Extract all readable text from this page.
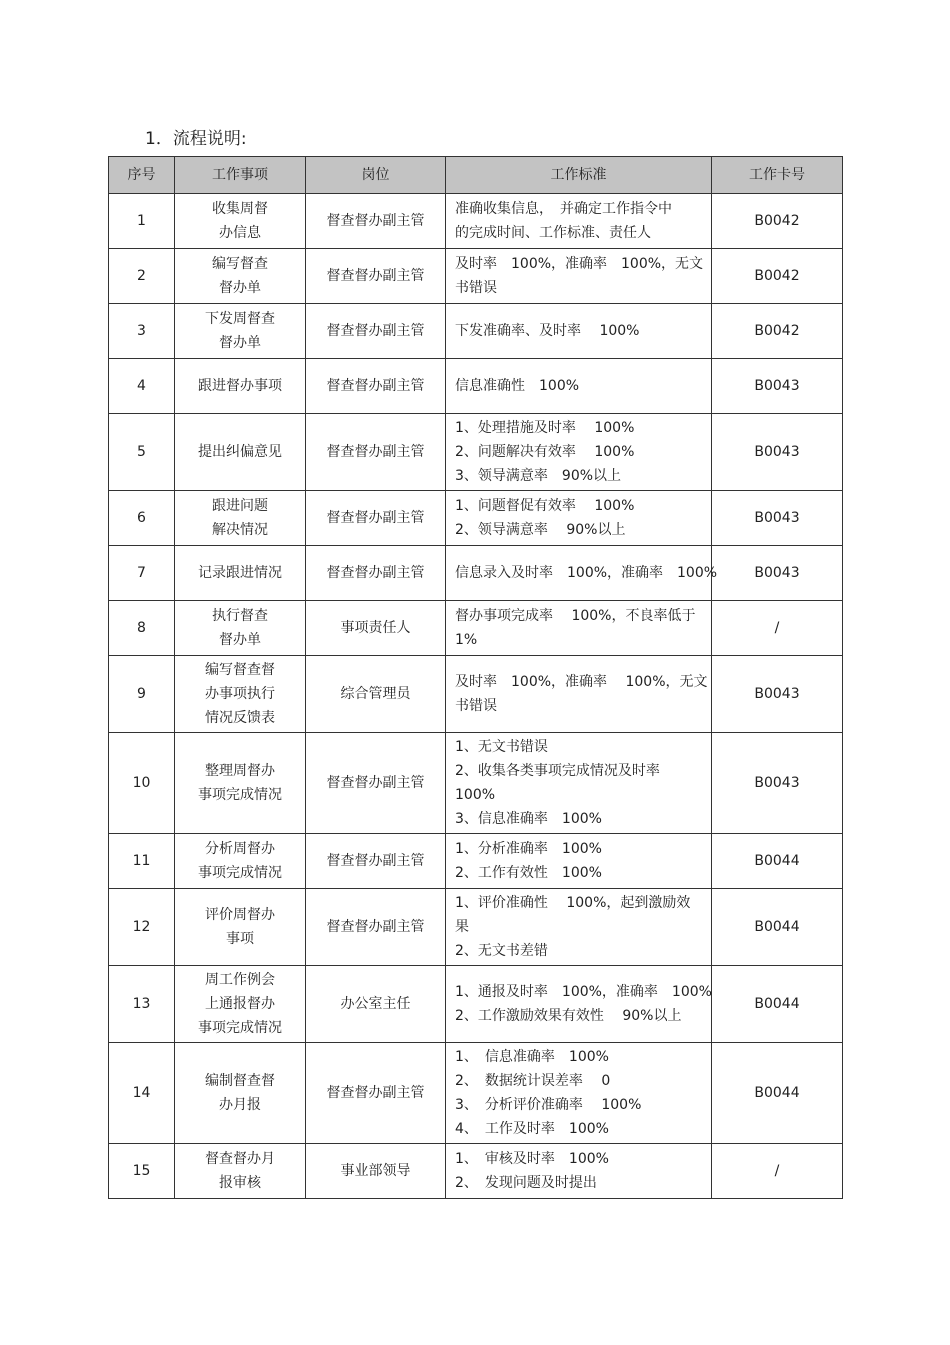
1．流程说明:
序号	工作事项	岗位	工作标准	工作卡号
1	收集周督
办信息	督查督办副主管	准确收集信息，　并确定工作指令中
的完成时间、工作标准、责任人	B0042
2	编写督查
督办单	督查督办副主管	及时率　100%，准确率　100%，无文
书错误	B0042
3	下发周督查
督办单	督查督办副主管	下发准确率、及时率　 100%	B0042
4	跟进督办事项	督查督办副主管	信息准确性　100%	B0043
5	提出纠偏意见	督查督办副主管	1、处理措施及时率　 100%
2、问题解决有效率　 100%
3、领导满意率　90%以上	B0043
6	跟进问题
解决情况	督查督办副主管	1、问题督促有效率　 100%
2、领导满意率　 90%以上	B0043
7	记录跟进情况	督查督办副主管	信息录入及时率　100%，准确率　100%	B0043
8	执行督查
督办单	事项责任人	督办事项完成率　 100%，不良率低于
1%	/
9	编写督查督
办事项执行
情况反馈表	综合管理员	及时率　100%，准确率　 100%，无文
书错误	B0043
10	整理周督办
事项完成情况	督查督办副主管	1、无文书错误
2、收集各类事项完成情况及时率
100%
3、信息准确率　100%	B0043
11	分析周督办
事项完成情况	督查督办副主管	1、分析准确率　100%
2、工作有效性　100%	B0044
12	评价周督办
事项	督查督办副主管	1、评价准确性　 100%，起到激励效
果
2、无文书差错	B0044
13	周工作例会
上通报督办
事项完成情况	办公室主任	1、通报及时率　100%，准确率　100%
2、工作激励效果有效性　 90%以上	B0044
14	编制督查督
办月报	督查督办副主管	1、　信息准确率　100%
2、　数据统计误差率　 0
3、　分析评价准确率　 100%
4、　工作及时率　100%	B0044
15	督查督办月
报审核	事业部领导	1、　审核及时率　100%
2、　发现问题及时提出	/
